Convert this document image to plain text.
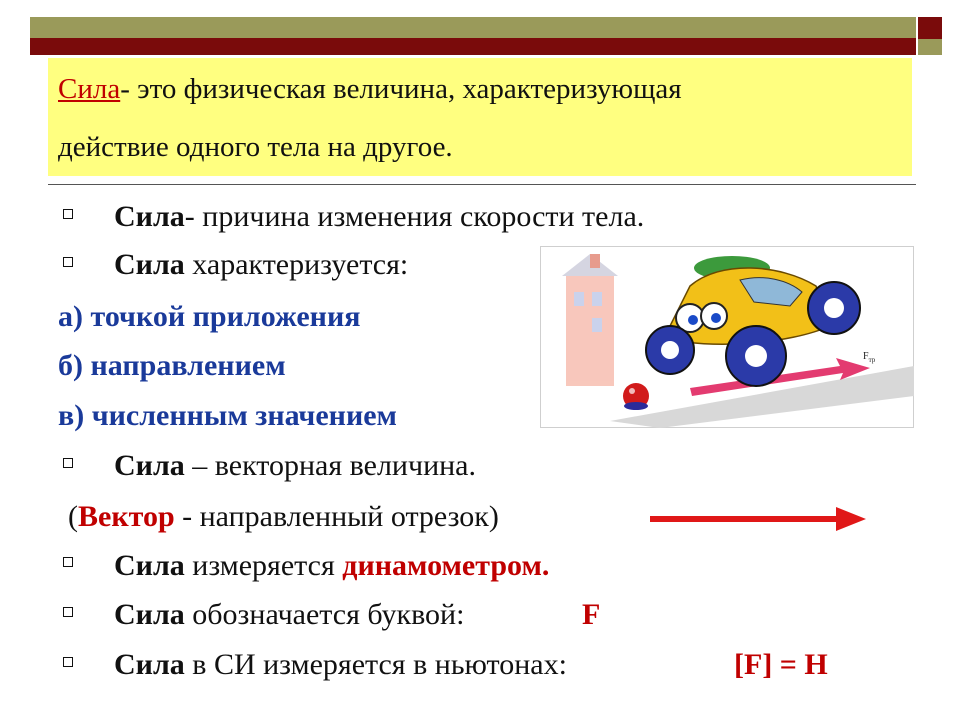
Сила- это физическая величина, характеризующая
действие одного тела на другое.
Сила- причина изменения скорости тела.
Сила характеризуется:
а) точкой приложения
б) направлением
в) численным значением
$F_{тр}$
Сила – векторная величина.
(Вектор - направленный отрезок)
Сила измеряется динамометром.
Сила обозначается буквой:	F
Сила в СИ измеряется в ньютонах:	[F] = Н
